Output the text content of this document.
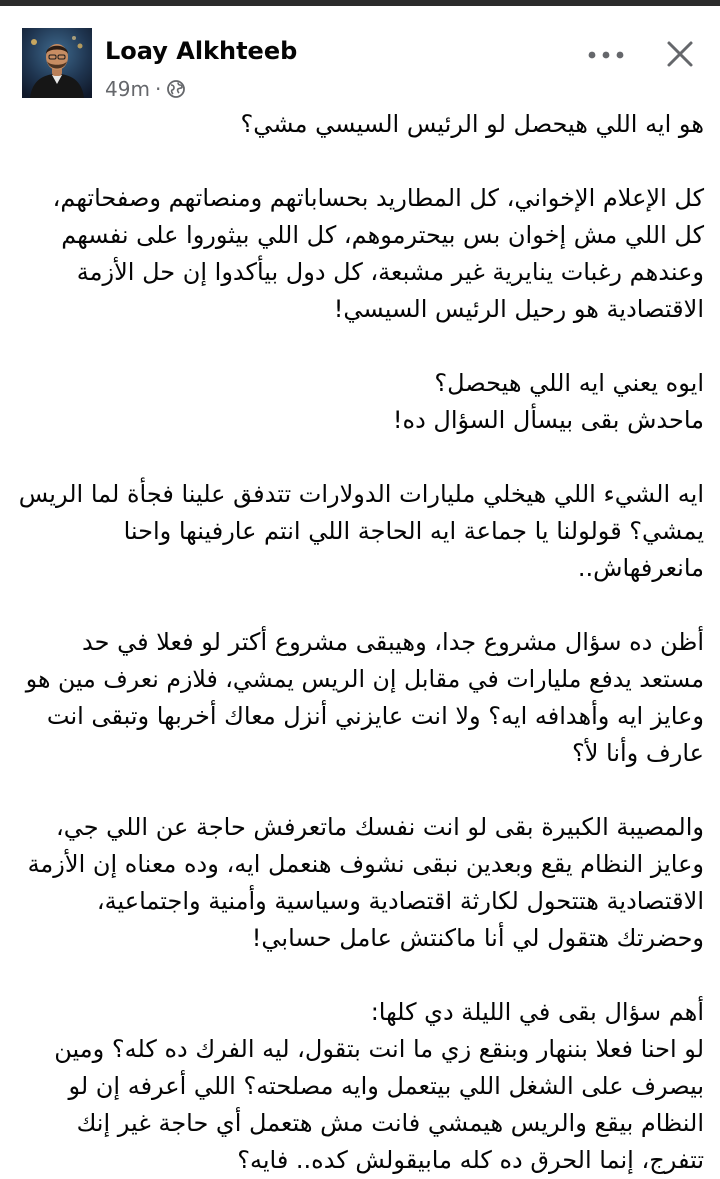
Loay Alkhteeb
49m ·

هو ايه اللي هيحصل لو الرئيس السيسي مشي؟

كل الإعلام الإخواني، كل المطاريد بحساباتهم ومنصاتهم وصفحاتهم،
كل اللي مش إخوان بس بيحترموهم، كل اللي بيثوروا على نفسهم
وعندهم رغبات ينايرية غير مشبعة، كل دول بيأكدوا إن حل الأزمة
الاقتصادية هو رحيل الرئيس السيسي!

ايوه يعني ايه اللي هيحصل؟
ماحدش بقى بيسأل السؤال ده!

ايه الشيء اللي هيخلي مليارات الدولارات تتدفق علينا فجأة لما الريس
يمشي؟ قولولنا يا جماعة ايه الحاجة اللي انتم عارفينها واحنا
مانعرفهاش..

أظن ده سؤال مشروع جدا، وهيبقى مشروع أكتر لو فعلا في حد
مستعد يدفع مليارات في مقابل إن الريس يمشي، فلازم نعرف مين هو
وعايز ايه وأهدافه ايه؟ ولا انت عايزني أنزل معاك أخربها وتبقى انت
عارف وأنا لأ؟

والمصيبة الكبيرة بقى لو انت نفسك ماتعرفش حاجة عن اللي جي،
وعايز النظام يقع وبعدين نبقى نشوف هنعمل ايه، وده معناه إن الأزمة
الاقتصادية هتتحول لكارثة اقتصادية وسياسية وأمنية واجتماعية،
وحضرتك هتقول لي أنا ماكنتش عامل حسابي!

أهم سؤال بقى في الليلة دي كلها:
لو احنا فعلا بننهار وبنقع زي ما انت بتقول، ليه الفرك ده كله؟ ومين
بيصرف على الشغل اللي بيتعمل وايه مصلحته؟ اللي أعرفه إن لو
النظام بيقع والريس هيمشي فانت مش هتعمل أي حاجة غير إنك
تتفرج، إنما الحرق ده كله مابيقولش كده.. فايه؟
